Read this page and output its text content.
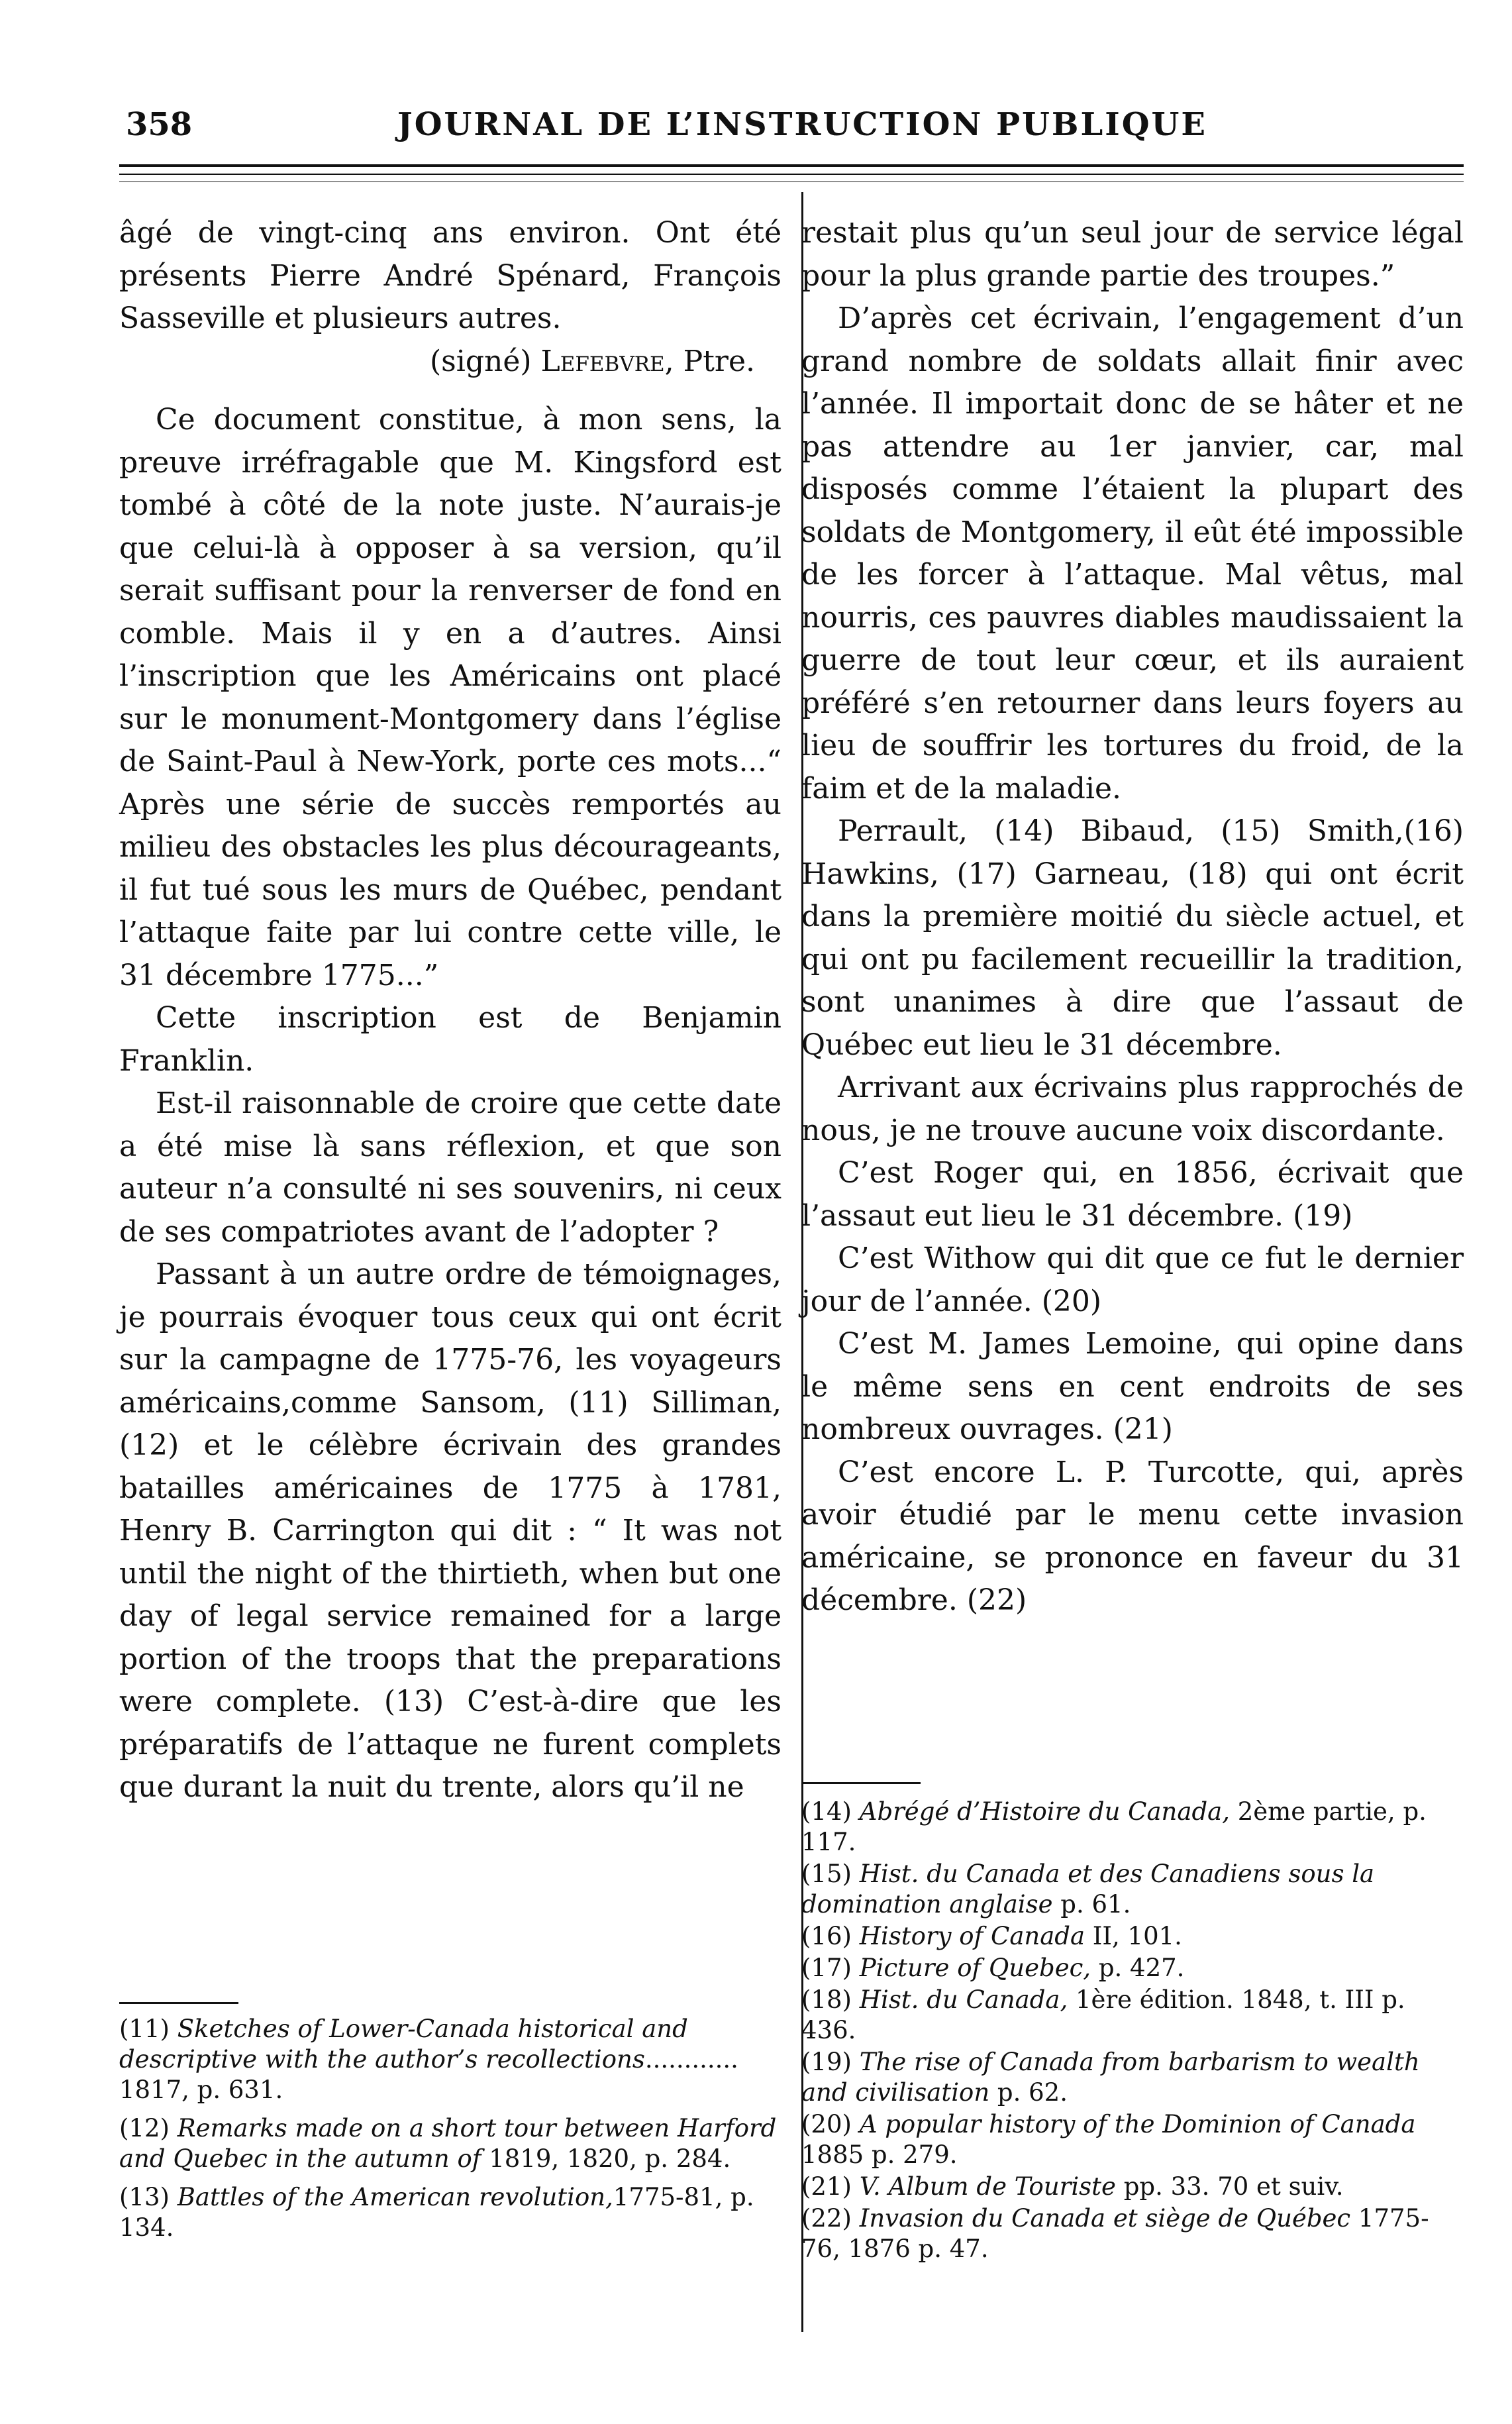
358	JOURNAL DE L’INSTRUCTION PUBLIQUE

âgé de vingt-cinq ans environ. Ont été présents Pierre André Spénard, François Sasseville et plusieurs autres.

(signé) Lefebvre, Ptre.

Ce document constitue, à mon sens, la preuve irréfragable que M. Kingsford est tombé à côté de la note juste. N’aurais-je que celui-là à opposer à sa version, qu’il serait suffisant pour la renverser de fond en comble. Mais il y en a d’autres. Ainsi l’inscription que les Américains ont placé sur le monument-Montgomery dans l’église de Saint-Paul à New-York, porte ces mots...“ Après une série de succès remportés au milieu des obstacles les plus décourageants, il fut tué sous les murs de Québec, pendant l’attaque faite par lui contre cette ville, le 31 décembre 1775...”

Cette inscription est de Benjamin Franklin.

Est-il raisonnable de croire que cette date a été mise là sans réflexion, et que son auteur n’a consulté ni ses souvenirs, ni ceux de ses compatriotes avant de l’adopter ?

Passant à un autre ordre de témoignages, je pourrais évoquer tous ceux qui ont écrit sur la campagne de 1775-76, les voyageurs américains,comme Sansom, (11) Silliman, (12) et le célèbre écrivain des grandes batailles américaines de 1775 à 1781, Henry B. Carrington qui dit : “ It was not until the night of the thirtieth, when but one day of legal service remained for a large portion of the troops that the preparations were complete. (13) C’est-à-dire que les préparatifs de l’attaque ne furent complets que durant la nuit du trente, alors qu’il ne

(11) Sketches of Lower-Canada historical and descriptive with the author’s recollections............ 1817, p. 631.

(12) Remarks made on a short tour between Harford and Quebec in the autumn of 1819, 1820, p. 284.

(13) Battles of the American revolution,1775-81, p. 134.

restait plus qu’un seul jour de service légal pour la plus grande partie des troupes.”

D’après cet écrivain, l’engagement d’un grand nombre de soldats allait finir avec l’année. Il importait donc de se hâter et ne pas attendre au 1er janvier, car, mal disposés comme l’étaient la plupart des soldats de Montgomery, il eût été impossible de les forcer à l’attaque. Mal vêtus, mal nourris, ces pauvres diables maudissaient la guerre de tout leur cœur, et ils auraient préféré s’en retourner dans leurs foyers au lieu de souffrir les tortures du froid, de la faim et de la maladie.

Perrault, (14) Bibaud, (15) Smith,(16) Hawkins, (17) Garneau, (18) qui ont écrit dans la première moitié du siècle actuel, et qui ont pu facilement recueillir la tradition, sont unanimes à dire que l’assaut de Québec eut lieu le 31 décembre.

Arrivant aux écrivains plus rapprochés de nous, je ne trouve aucune voix discordante.

C’est Roger qui, en 1856, écrivait que l’assaut eut lieu le 31 décembre. (19)

C’est Withow qui dit que ce fut le dernier jour de l’année. (20)

C’est M. James Lemoine, qui opine dans le même sens en cent endroits de ses nombreux ouvrages. (21)

C’est encore L. P. Turcotte, qui, après avoir étudié par le menu cette invasion américaine, se prononce en faveur du 31 décembre. (22)

(14) Abrégé d’Histoire du Canada, 2ème partie, p. 117.

(15) Hist. du Canada et des Canadiens sous la domination anglaise p. 61.

(16) History of Canada II, 101.

(17) Picture of Quebec, p. 427.

(18) Hist. du Canada, 1ère édition. 1848, t. III p. 436.

(19) The rise of Canada from barbarism to wealth and civilisation p. 62.

(20) A popular history of the Dominion of Canada 1885 p. 279.

(21) V. Album de Touriste pp. 33. 70 et suiv.

(22) Invasion du Canada et siège de Québec 1775-76, 1876 p. 47.
